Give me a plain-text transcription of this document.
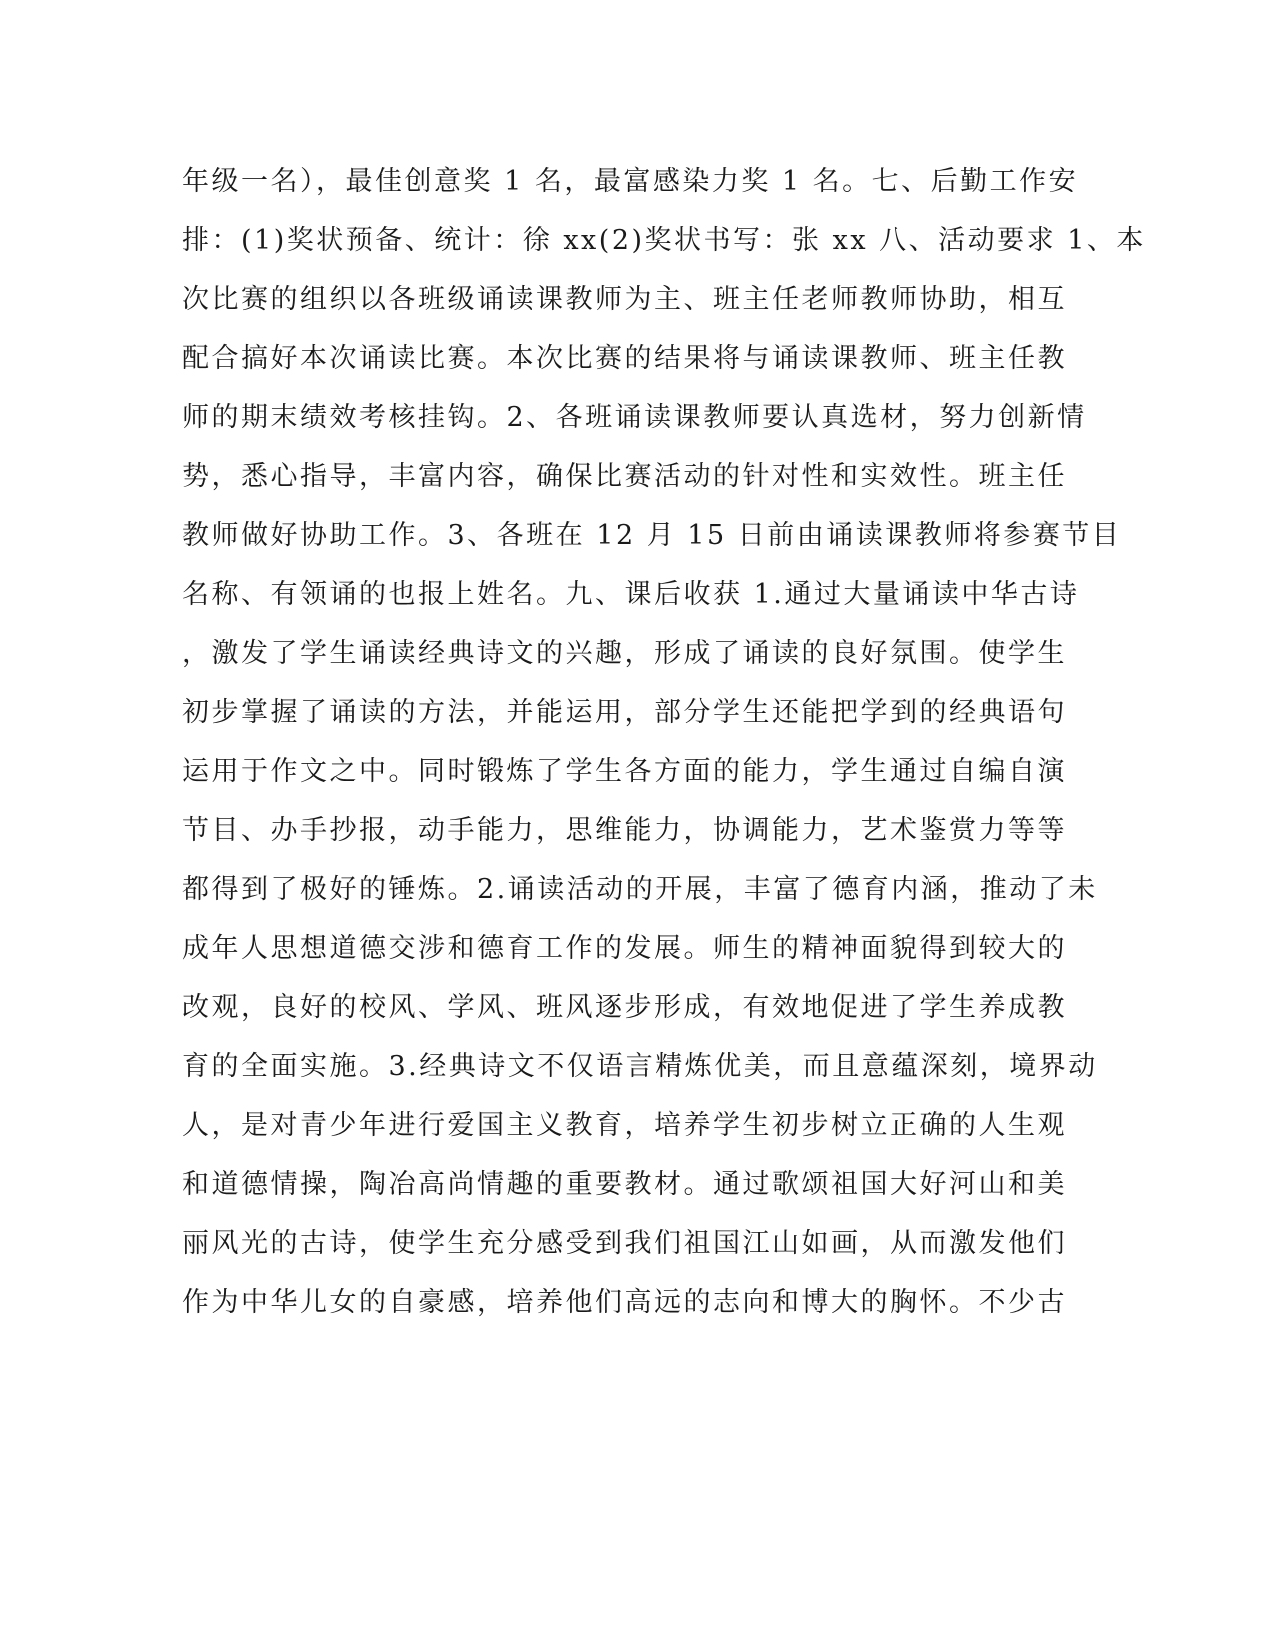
年级一名），最佳创意奖 1 名，最富感染力奖 1 名。七、后勤工作安
排：(1)奖状预备、统计：徐 xx(2)奖状书写：张 xx 八、活动要求 1、本
次比赛的组织以各班级诵读课教师为主、班主任老师教师协助，相互
配合搞好本次诵读比赛。本次比赛的结果将与诵读课教师、班主任教
师的期末绩效考核挂钩。2、各班诵读课教师要认真选材，努力创新情
势，悉心指导，丰富内容，确保比赛活动的针对性和实效性。班主任
教师做好协助工作。3、各班在 12 月 15 日前由诵读课教师将参赛节目
名称、有领诵的也报上姓名。九、课后收获 1.通过大量诵读中华古诗
，激发了学生诵读经典诗文的兴趣，形成了诵读的良好氛围。使学生
初步掌握了诵读的方法，并能运用，部分学生还能把学到的经典语句
运用于作文之中。同时锻炼了学生各方面的能力，学生通过自编自演
节目、办手抄报，动手能力，思维能力，协调能力，艺术鉴赏力等等
都得到了极好的锤炼。2.诵读活动的开展，丰富了德育内涵，推动了未
成年人思想道德交涉和德育工作的发展。师生的精神面貌得到较大的
改观，良好的校风、学风、班风逐步形成，有效地促进了学生养成教
育的全面实施。3.经典诗文不仅语言精炼优美，而且意蕴深刻，境界动
人，是对青少年进行爱国主义教育，培养学生初步树立正确的人生观
和道德情操，陶冶高尚情趣的重要教材。通过歌颂祖国大好河山和美
丽风光的古诗，使学生充分感受到我们祖国江山如画，从而激发他们
作为中华儿女的自豪感，培养他们高远的志向和博大的胸怀。不少古
